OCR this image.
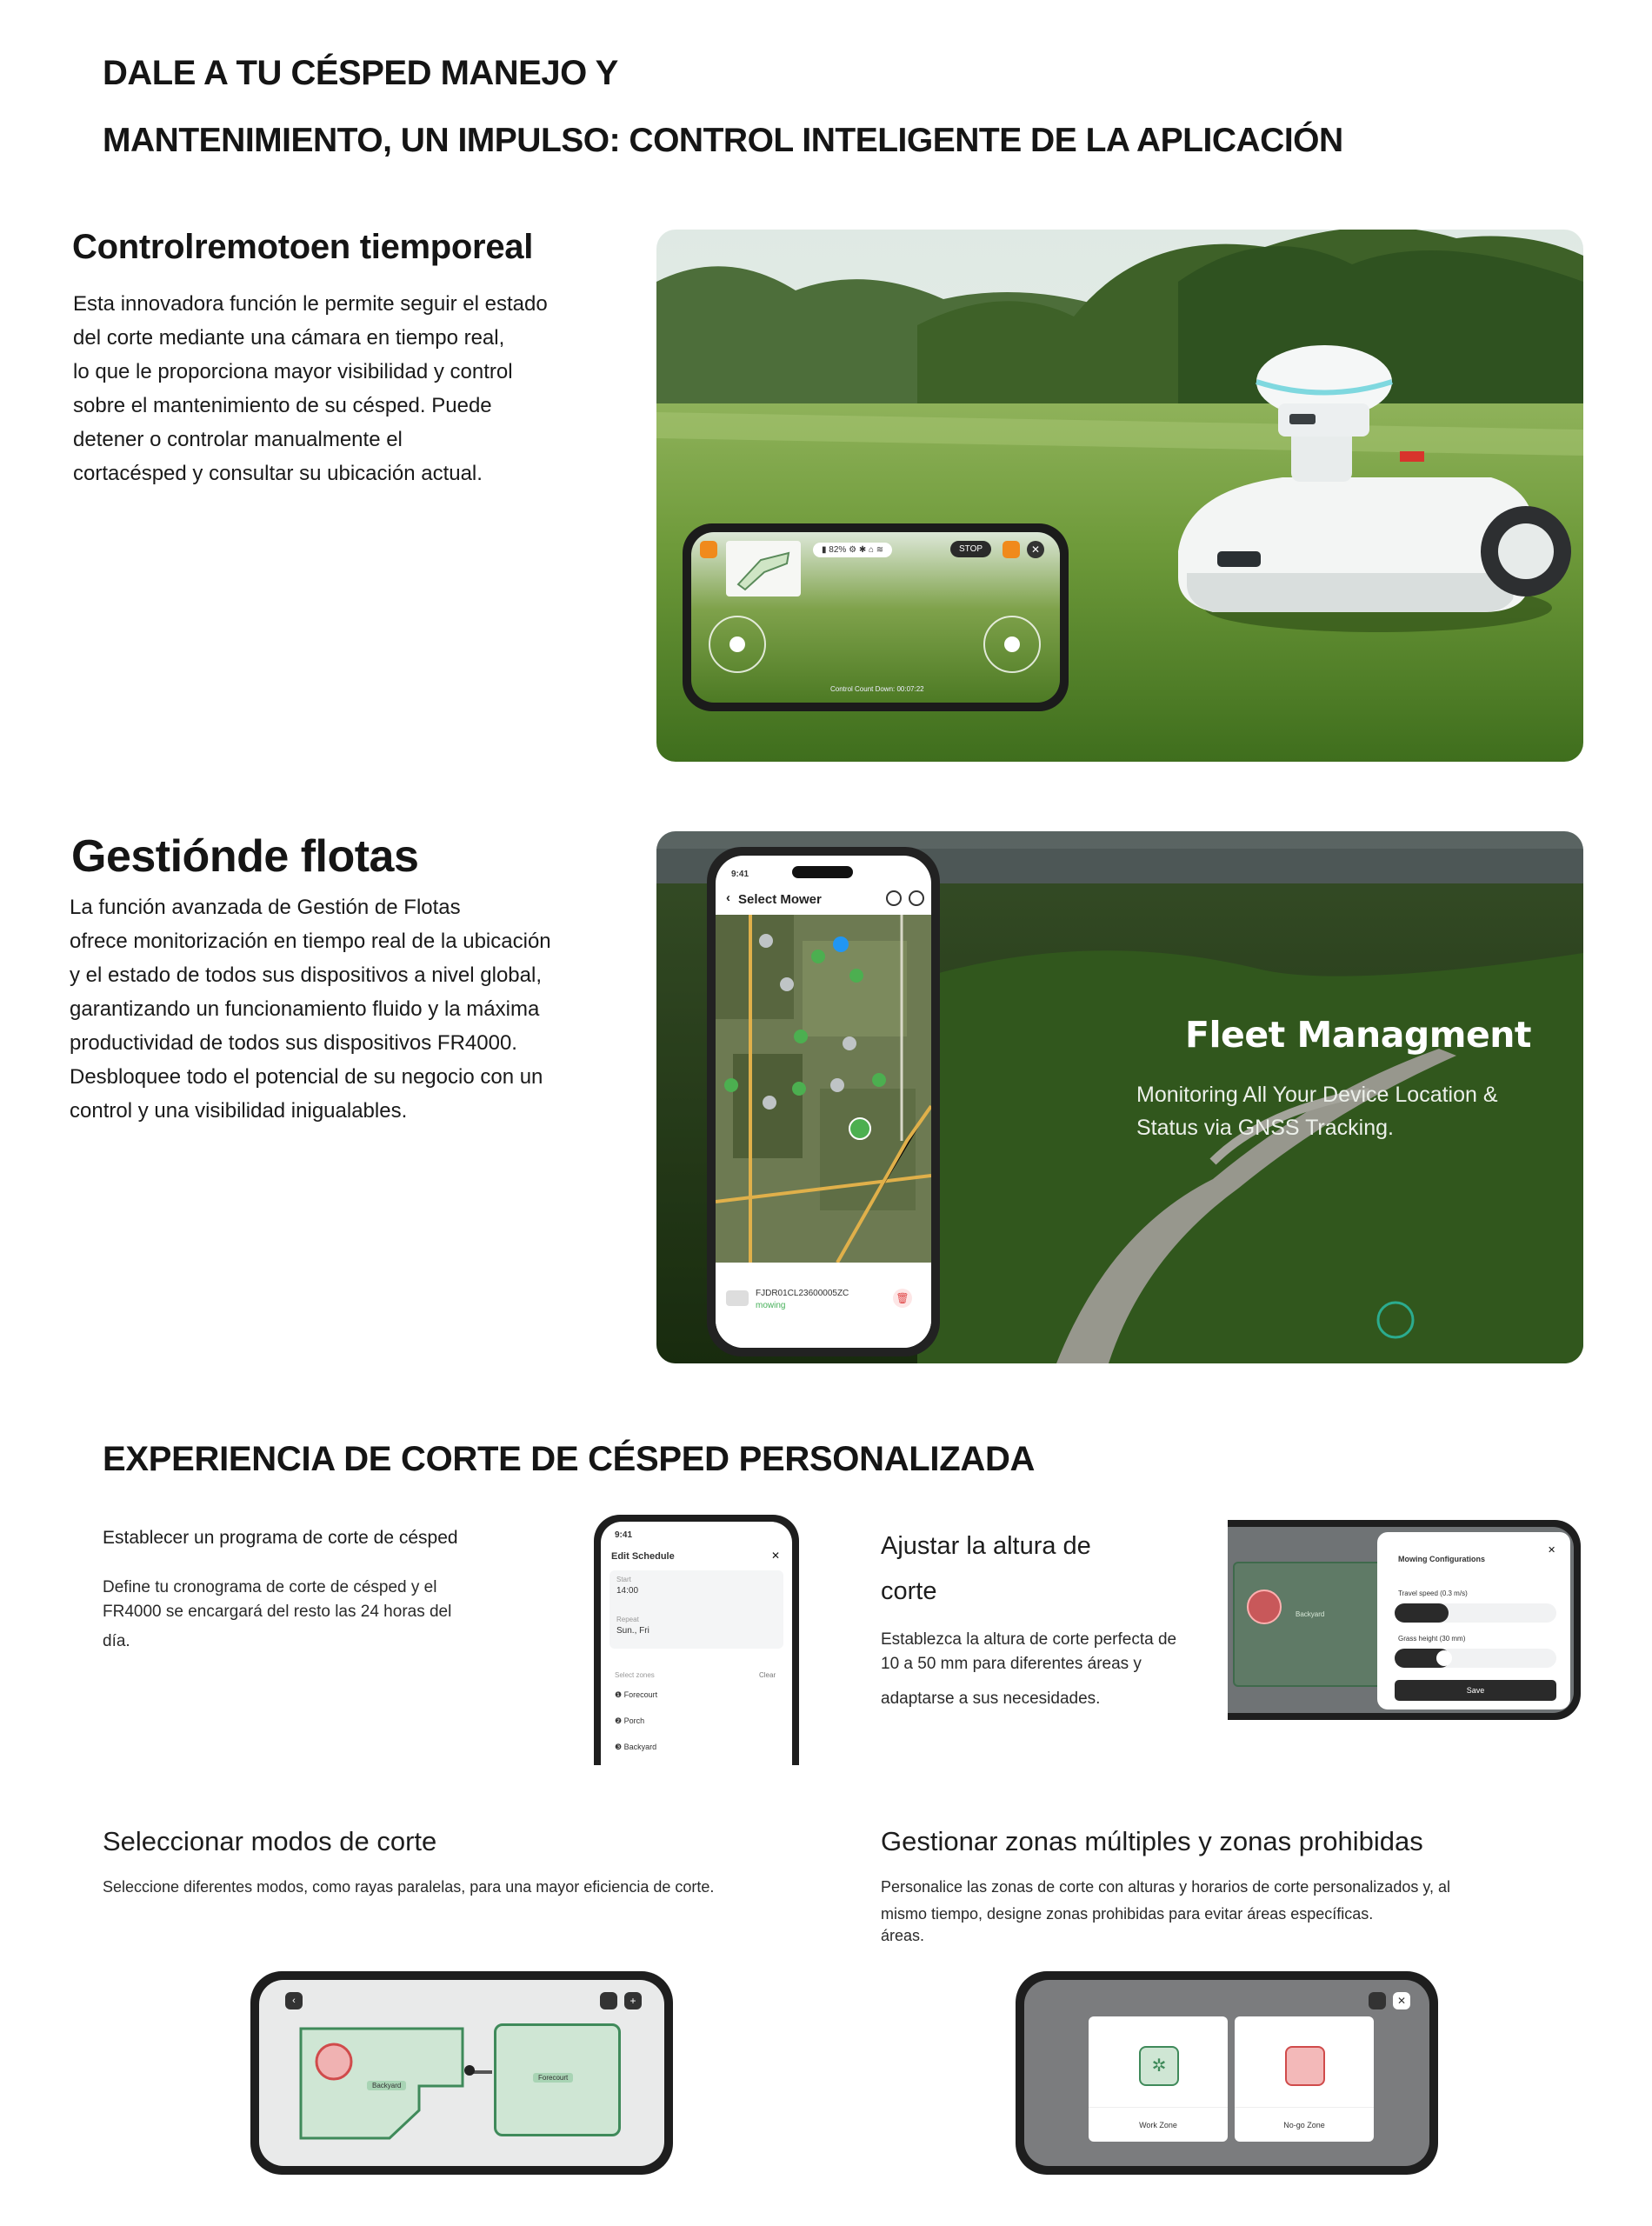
DALE A TU CÉSPED MANEJO Y
MANTENIMIENTO, UN IMPULSO: CONTROL INTELIGENTE DE LA APLICACIÓN
Controlremotoen tiemporeal
Esta innovadora función le permite seguir el estado
del corte mediante una cámara en tiempo real,
lo que le proporciona mayor visibilidad y control
sobre el mantenimiento de su césped. Puede
detener o controlar manualmente el
cortacésped y consultar su ubicación actual.
▮ 82% ⚙ ✱ ⌂ ≋	STOP	✕
Control Count Down: 00:07:22
Gestiónde flotas
La función avanzada de Gestión de Flotas
ofrece monitorización en tiempo real de la ubicación
y el estado de todos sus dispositivos a nivel global,
garantizando un funcionamiento fluido y la máxima
productividad de todos sus dispositivos FR4000.
Desbloquee todo el potencial de su negocio con un
control y una visibilidad inigualables.
Fleet Managment
Monitoring All Your Device Location &
Status via GNSS Tracking.
9:41
‹ Select Mower
FJDR01CL23600005ZC
mowing
🗑
EXPERIENCIA DE CORTE DE CÉSPED PERSONALIZADA
Establecer un programa de corte de césped
Define tu cronograma de corte de césped y el
FR4000 se encargará del resto las 24 horas del
día.
9:41
Edit Schedule	✕
Start
14:00
Repeat
Sun., Fri
Select zones	Clear
❶ Forecourt
❷ Porch
❸ Backyard
Ajustar la altura de
corte
Establezca la altura de corte perfecta de
10 a 50 mm para diferentes áreas y
adaptarse a sus necesidades.
Backyard
Mowing Configurations
✕
Travel speed (0.3 m/s)
Grass height (30 mm)
Save
Seleccionar modos de corte
Seleccione diferentes modos, como rayas paralelas, para una mayor eficiencia de corte.
‹	+
Backyard
Forecourt
Gestionar zonas múltiples y zonas prohibidas
Personalice las zonas de corte con alturas y horarios de corte personalizados y, al
mismo tiempo, designe zonas prohibidas para evitar áreas específicas.
áreas.
✕
✲
Work Zone	No-go Zone
